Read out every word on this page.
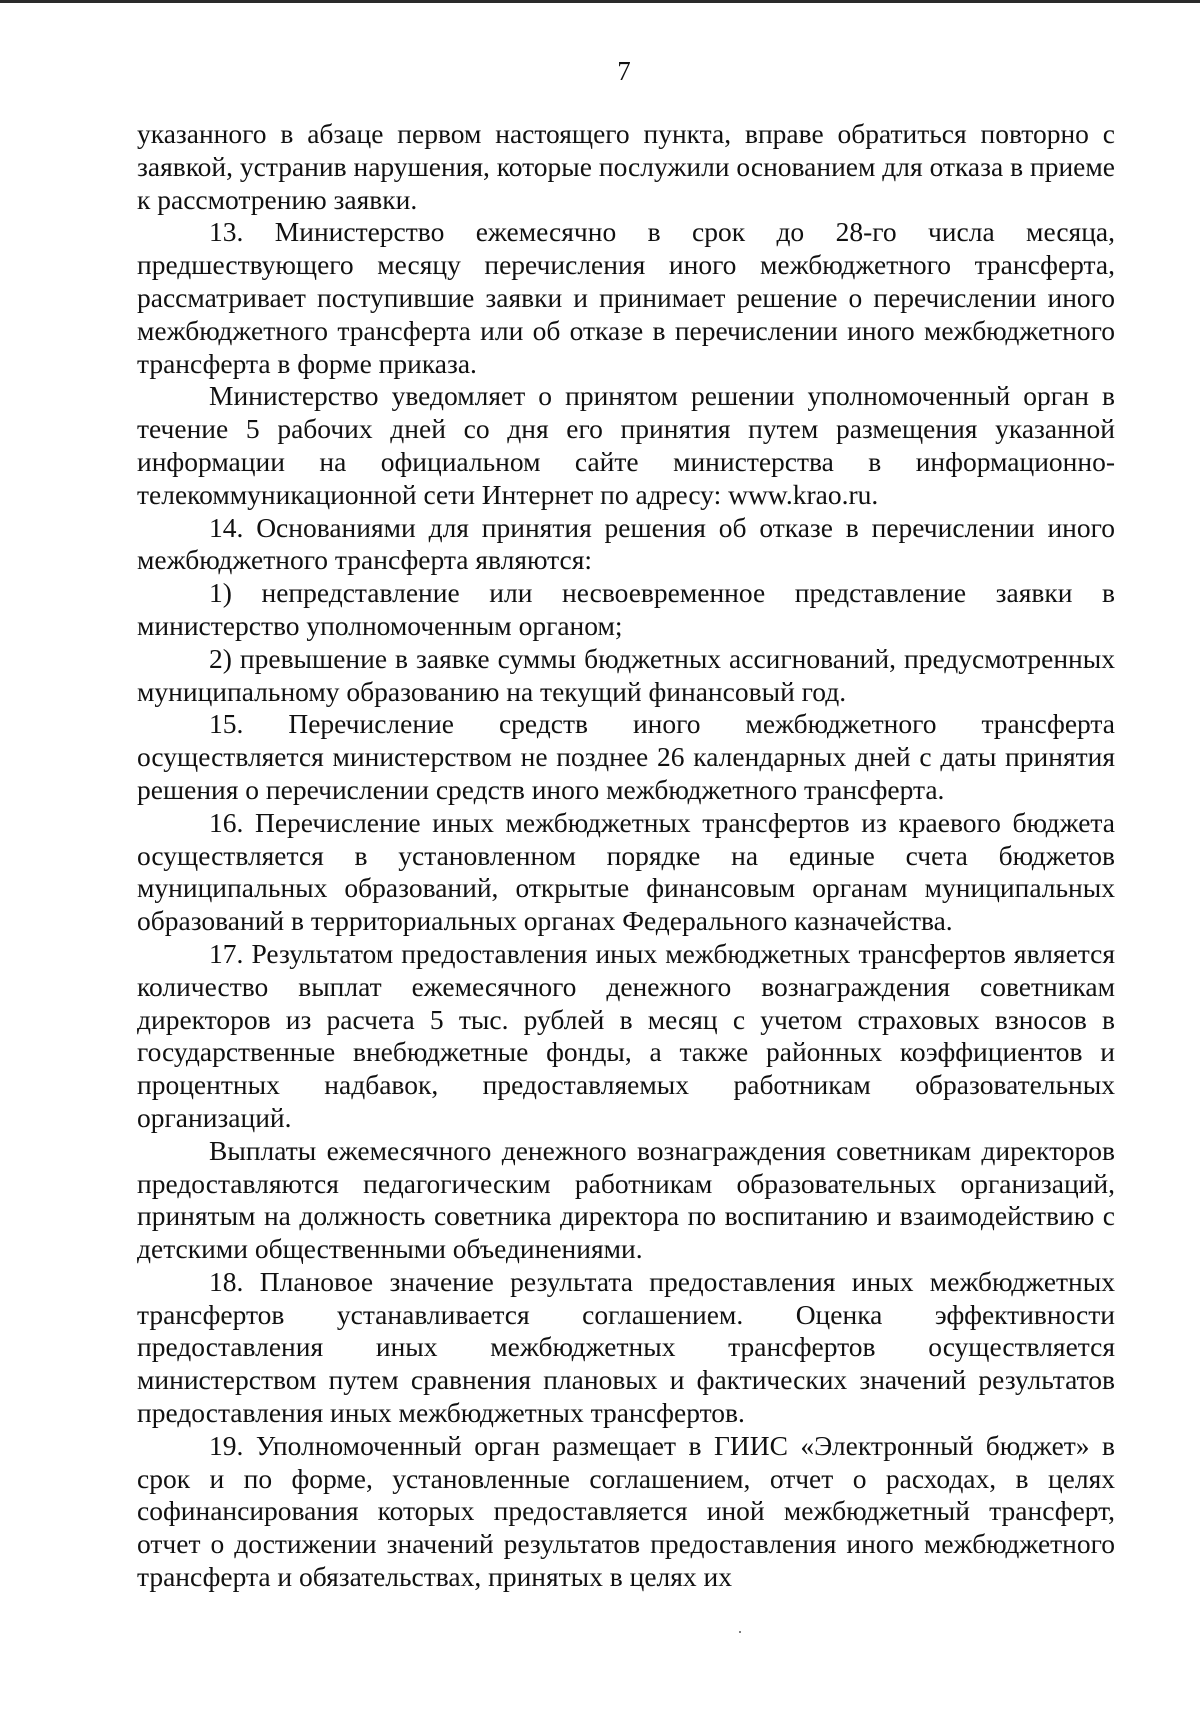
7

указанного в абзаце первом настоящего пункта, вправе обратиться повторно с заявкой, устранив нарушения, которые послужили основанием для отказа в приеме к рассмотрению заявки.

13. Министерство ежемесячно в срок до 28-го числа месяца, предшествующего месяцу перечисления иного межбюджетного трансферта, рассматривает поступившие заявки и принимает решение о перечислении иного межбюджетного трансферта или об отказе в перечислении иного межбюджетного трансферта в форме приказа.

Министерство уведомляет о принятом решении уполномоченный орган в течение 5 рабочих дней со дня его принятия путем размещения указанной информации на официальном сайте министерства в информационно-телекоммуникационной сети Интернет по адресу: www.krao.ru.

14. Основаниями для принятия решения об отказе в перечислении иного межбюджетного трансферта являются:

1) непредставление или несвоевременное представление заявки в министерство уполномоченным органом;

2) превышение в заявке суммы бюджетных ассигнований, предусмотренных муниципальному образованию на текущий финансовый год.

15. Перечисление средств иного межбюджетного трансферта осуществляется министерством не позднее 26 календарных дней с даты принятия решения о перечислении средств иного межбюджетного трансферта.

16. Перечисление иных межбюджетных трансфертов из краевого бюджета осуществляется в установленном порядке на единые счета бюджетов муниципальных образований, открытые финансовым органам муниципальных образований в территориальных органах Федерального казначейства.

17. Результатом предоставления иных межбюджетных трансфертов является количество выплат ежемесячного денежного вознаграждения советникам директоров из расчета 5 тыс. рублей в месяц с учетом страховых взносов в государственные внебюджетные фонды, а также районных коэффициентов и процентных надбавок, предоставляемых работникам образовательных организаций.

Выплаты ежемесячного денежного вознаграждения советникам директоров предоставляются педагогическим работникам образовательных организаций, принятым на должность советника директора по воспитанию и взаимодействию с детскими общественными объединениями.

18. Плановое значение результата предоставления иных межбюджетных трансфертов устанавливается соглашением. Оценка эффективности предоставления иных межбюджетных трансфертов осуществляется министерством путем сравнения плановых и фактических значений результатов предоставления иных межбюджетных трансфертов.

19. Уполномоченный орган размещает в ГИИС «Электронный бюджет» в срок и по форме, установленные соглашением, отчет о расходах, в целях софинансирования которых предоставляется иной межбюджетный трансферт, отчет о достижении значений результатов предоставления иного межбюджетного трансферта и обязательствах, принятых в целях их
